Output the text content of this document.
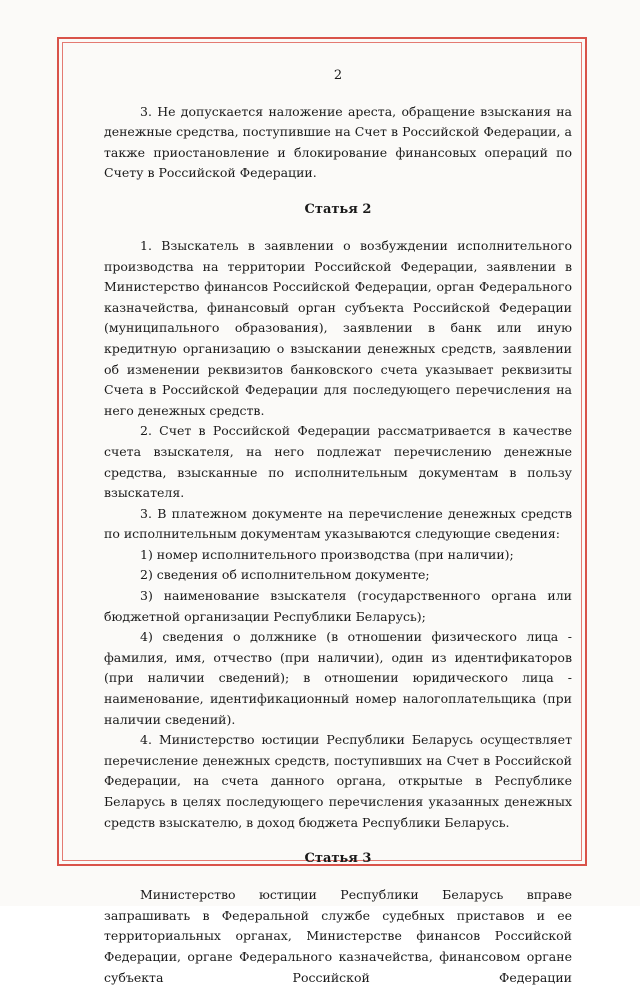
2

3. Не допускается наложение ареста, обращение взыскания на денежные средства, поступившие на Счет в Российской Федерации, а также приостановление и блокирование финансовых операций по Счету в Российской Федерации.

Статья 2

1. Взыскатель в заявлении о возбуждении исполнительного производства на территории Российской Федерации, заявлении в Министерство финансов Российской Федерации, орган Федерального казначейства, финансовый орган субъекта Российской Федерации (муниципального образования), заявлении в банк или иную кредитную организацию о взыскании денежных средств, заявлении об изменении реквизитов банковского счета указывает реквизиты Счета в Российской Федерации для последующего перечисления на него денежных средств.

2. Счет в Российской Федерации рассматривается в качестве счета взыскателя, на него подлежат перечислению денежные средства, взысканные по исполнительным документам в пользу взыскателя.

3. В платежном документе на перечисление денежных средств по исполнительным документам указываются следующие сведения:

1) номер исполнительного производства (при наличии);

2) сведения об исполнительном документе;

3) наименование взыскателя (государственного органа или бюджетной организации Республики Беларусь);

4) сведения о должнике (в отношении физического лица - фамилия, имя, отчество (при наличии), один из идентификаторов (при наличии сведений); в отношении юридического лица - наименование, идентификационный номер налогоплательщика (при наличии сведений).

4. Министерство юстиции Республики Беларусь осуществляет перечисление денежных средств, поступивших на Счет в Российской Федерации, на счета данного органа, открытые в Республике Беларусь в целях последующего перечисления указанных денежных средств взыскателю, в доход бюджета Республики Беларусь.

Статья 3

Министерство юстиции Республики Беларусь вправе запрашивать в Федеральной службе судебных приставов и ее территориальных органах, Министерстве финансов Российской Федерации, органе Федерального казначейства, финансовом органе субъекта Российской Федерации
